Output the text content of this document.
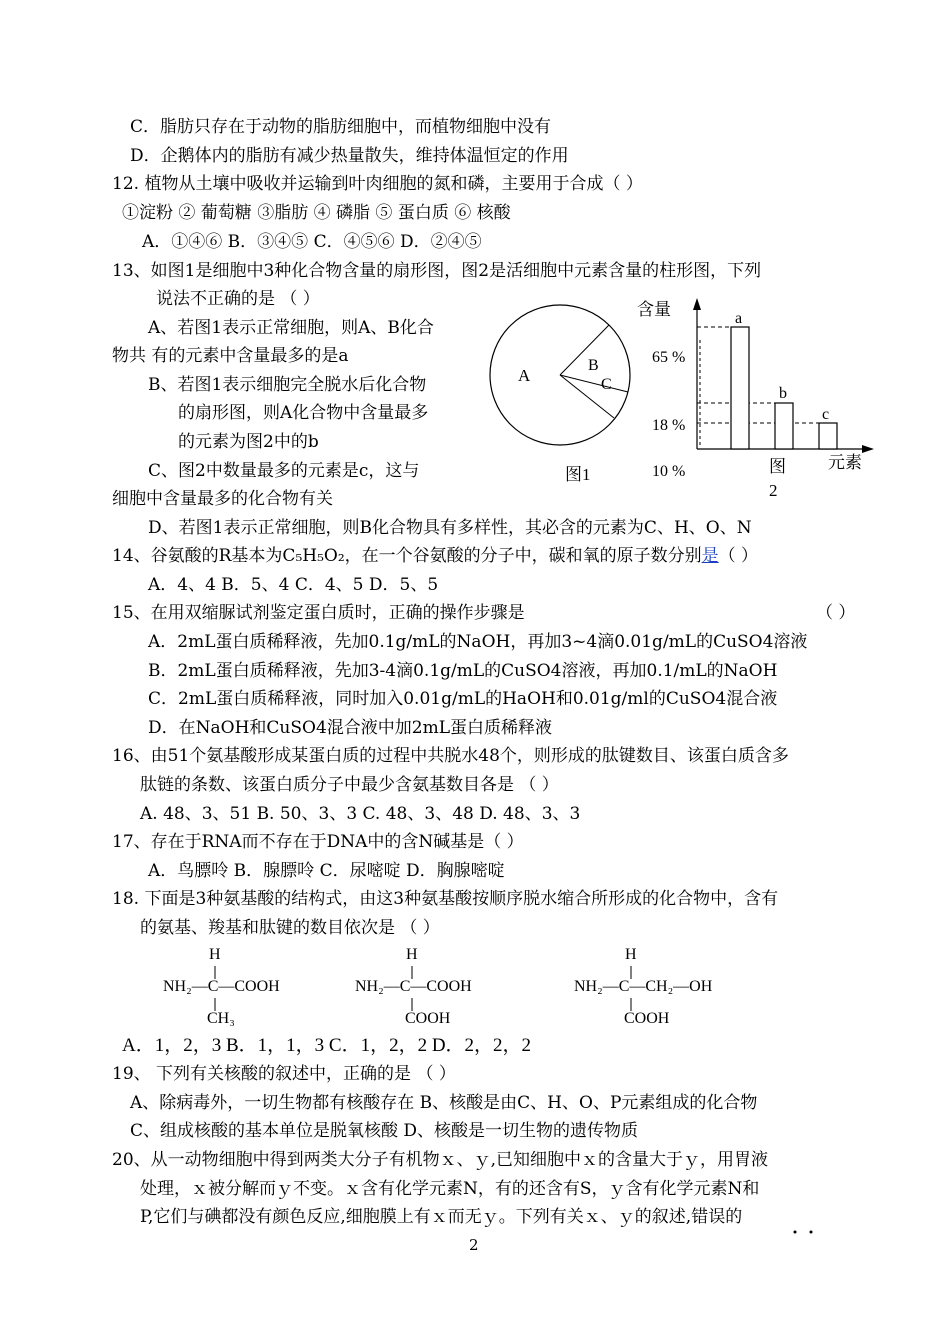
C．脂肪只存在于动物的脂肪细胞中，而植物细胞中没有
D．企鹅体内的脂肪有减少热量散失，维持体温恒定的作用
12. 植物从土壤中吸收并运输到叶肉细胞的氮和磷，主要用于合成（ ）
①淀粉 ② 葡萄糖 ③脂肪 ④ 磷脂 ⑤ 蛋白质 ⑥ 核酸
A．①④⑥ B．③④⑤ C．④⑤⑥ D．②④⑤
13、如图1是细胞中3种化合物含量的扇形图，图2是活细胞中元素含量的柱形图，下列
说法不正确的是 （ ）
A、若图1表示正常细胞，则A、B化合
物共 有的元素中含量最多的是a
B、若图1表示细胞完全脱水后化合物
的扇形图，则A化合物中含量最多
的元素为图2中的b
C、图2中数量最多的元素是c，这与
细胞中含量最多的化合物有关
D、若图1表示正常细胞，则B化合物具有多样性，其必含的元素为C、H、O、N
14、谷氨酸的R基本为C₅H₅O₂，在一个谷氨酸的分子中，碳和氧的原子数分别是（ ）
A．4、4 B．5、4 C．4、5 D．5、5
15、在用双缩脲试剂鉴定蛋白质时，正确的操作步骤是	（ ）
A．2mL蛋白质稀释液，先加0.1g/mL的NaOH，再加3~4滴0.01g/mL的CuSO4溶液
B．2mL蛋白质稀释液，先加3-4滴0.1g/mL的CuSO4溶液，再加0.1/mL的NaOH
C．2mL蛋白质稀释液，同时加入0.01g/mL的HaOH和0.01g/ml的CuSO4混合液
D．在NaOH和CuSO4混合液中加2mL蛋白质稀释液
16、由51个氨基酸形成某蛋白质的过程中共脱水48个，则形成的肽键数目、该蛋白质含多
肽链的条数、该蛋白质分子中最少含氨基数目各是 （ ）
A. 48、3、51 B. 50、3、3 C. 48、3、48 D. 48、3、3
17、存在于RNA而不存在于DNA中的含N碱基是（ ）
A．鸟膘呤 B．腺膘呤 C．尿嘧啶 D．胸腺嘧啶
18. 下面是3种氨基酸的结构式，由这3种氨基酸按顺序脱水缩合所形成的化合物中，含有
的氨基、羧基和肽键的数目依次是 （ ）
H
NH₂—C—COOH
CH₃
H
NH₂—C—COOH
COOH
H
NH₂—C—CH₂—OH
COOH
A．1，2，3 B．1，1，3 C．1，2，2 D．2，2，2
19、 下列有关核酸的叙述中，正确的是 （ ）
A、除病毒外，一切生物都有核酸存在 B、核酸是由C、H、O、P元素组成的化合物
C、组成核酸的基本单位是脱氧核酸 D、核酸是一切生物的遗传物质
20、从一动物细胞中得到两类大分子有机物ｘ、ｙ,已知细胞中ｘ的含量大于ｙ，用胃液
处理，ｘ被分解而ｙ不变。ｘ含有化学元素N，有的还含有S，ｙ含有化学元素N和
P,它们与碘都没有颜色反应,细胞膜上有ｘ而无ｙ。下列有关ｘ、ｙ的叙述,错误的
A
B
C
图1
含量	a
b
c
65 %
18 %
10 %	图
2
元素
2
